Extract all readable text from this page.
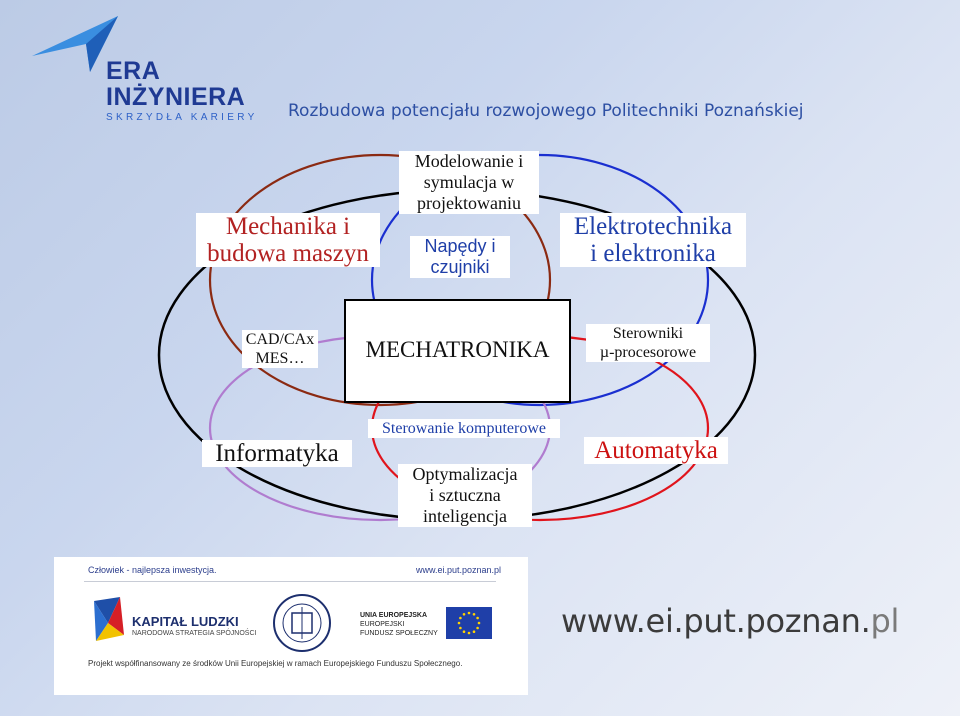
ERA
INŻYNIERA
SKRZYDŁA KARIERY Rozbudowa potencjału rozwojowego Politechniki Poznańskiej
Mechanika i
budowa maszyn
Modelowanie i
symulacja w
projektowaniu
Napędy i
czujniki
Elektrotechnika
i elektronika
CAD/CAx
MES…	MECHATRONIKA
Sterowniki
µ-procesorowe
Informatyka
Sterowanie komputerowe
Optymalizacja
i sztuczna
inteligencja
Automatyka
Człowiek - najlepsza inwestycja.	www.ei.put.poznan.pl
KAPITAŁ LUDZKI
NARODOWA STRATEGIA SPÓJNOŚCI
UNIA EUROPEJSKA
EUROPEJSKI
FUNDUSZ SPOŁECZNY
Projekt współfinansowany ze środków Unii Europejskiej w ramach Europejskiego Funduszu Społecznego.
www.ei.put.poznan.pl
